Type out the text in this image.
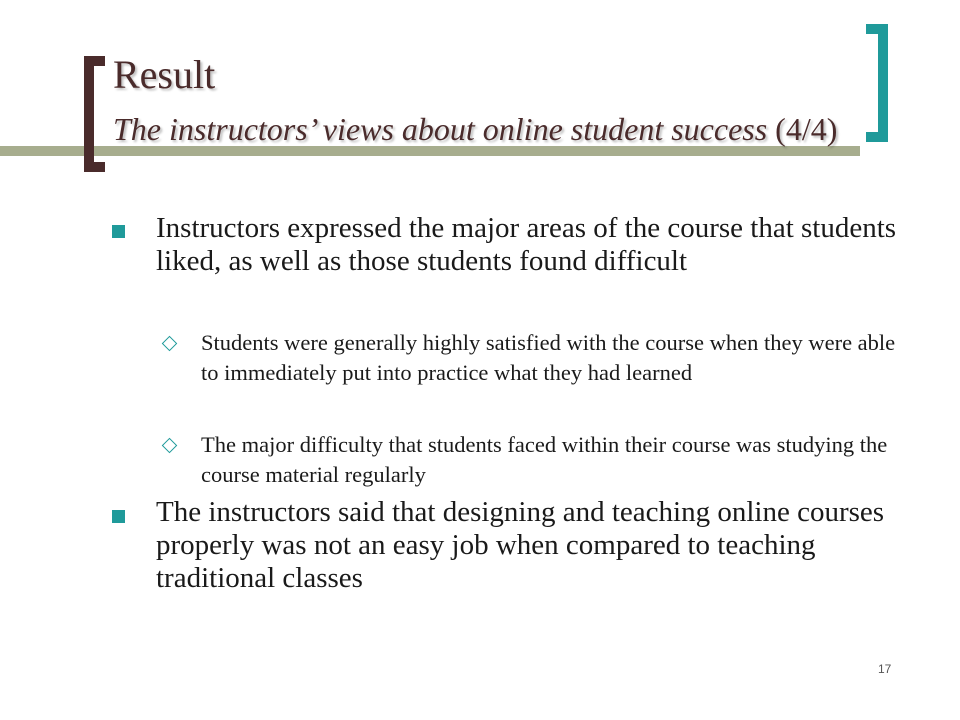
Result
The instructors’ views about online student success (4/4)
Instructors expressed the major areas of the course that students liked, as well as those students found difficult
Students were generally highly satisfied with the course when they were able to immediately put into practice what they had learned
The major difficulty that students faced within their course was studying the course material regularly
The instructors said that designing and teaching online courses properly was not an easy job when compared to teaching traditional classes
17
